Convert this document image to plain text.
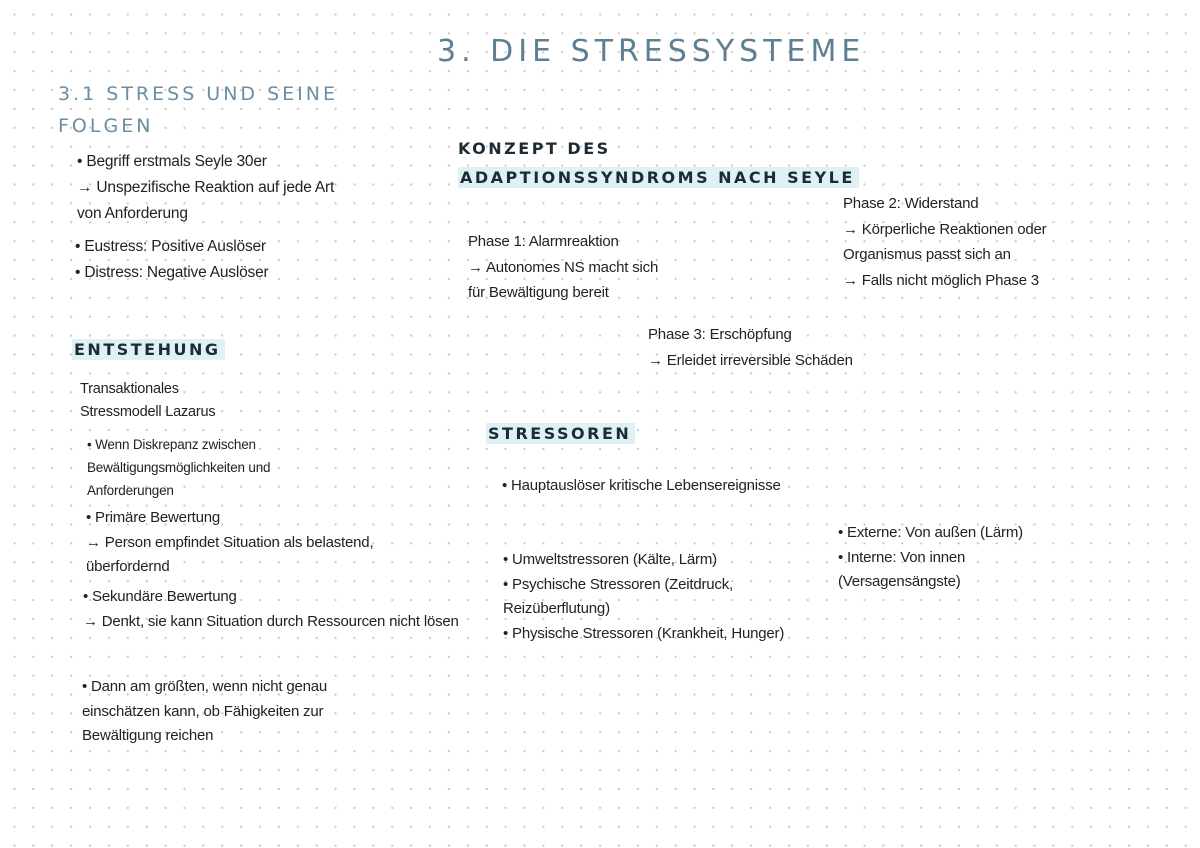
3. DIE STRESSYSTEME
3.1 STRESS UND SEINE
FOLGEN
• Begriff erstmals Seyle 30er
→ Unspezifische Reaktion auf jede Art
von Anforderung
• Eustress: Positive Auslöser
• Distress: Negative Auslöser
ENTSTEHUNG
Transaktionales
Stressmodell Lazarus
• Wenn Diskrepanz zwischen
Bewältigungsmöglichkeiten und
Anforderungen
• Primäre Bewertung
→ Person empfindet Situation als belastend,
überfordernd
• Sekundäre Bewertung
→ Denkt, sie kann Situation durch Ressourcen nicht lösen
• Dann am größten, wenn nicht genau
einschätzen kann, ob Fähigkeiten zur
Bewältigung reichen
KONZEPT DES
ADAPTIONSSYNDROMS NACH SEYLE
Phase 1: Alarmreaktion
→ Autonomes NS macht sich
für Bewältigung bereit
Phase 2: Widerstand
→ Körperliche Reaktionen oder
Organismus passt sich an
→ Falls nicht möglich Phase 3
Phase 3: Erschöpfung
→ Erleidet irreversible Schäden
STRESSOREN
• Hauptauslöser kritische Lebensereignisse
• Umweltstressoren (Kälte, Lärm)
• Psychische Stressoren (Zeitdruck,
Reizüberflutung)
• Physische Stressoren (Krankheit, Hunger)
• Externe: Von außen (Lärm)
• Interne: Von innen
(Versagensängste)
